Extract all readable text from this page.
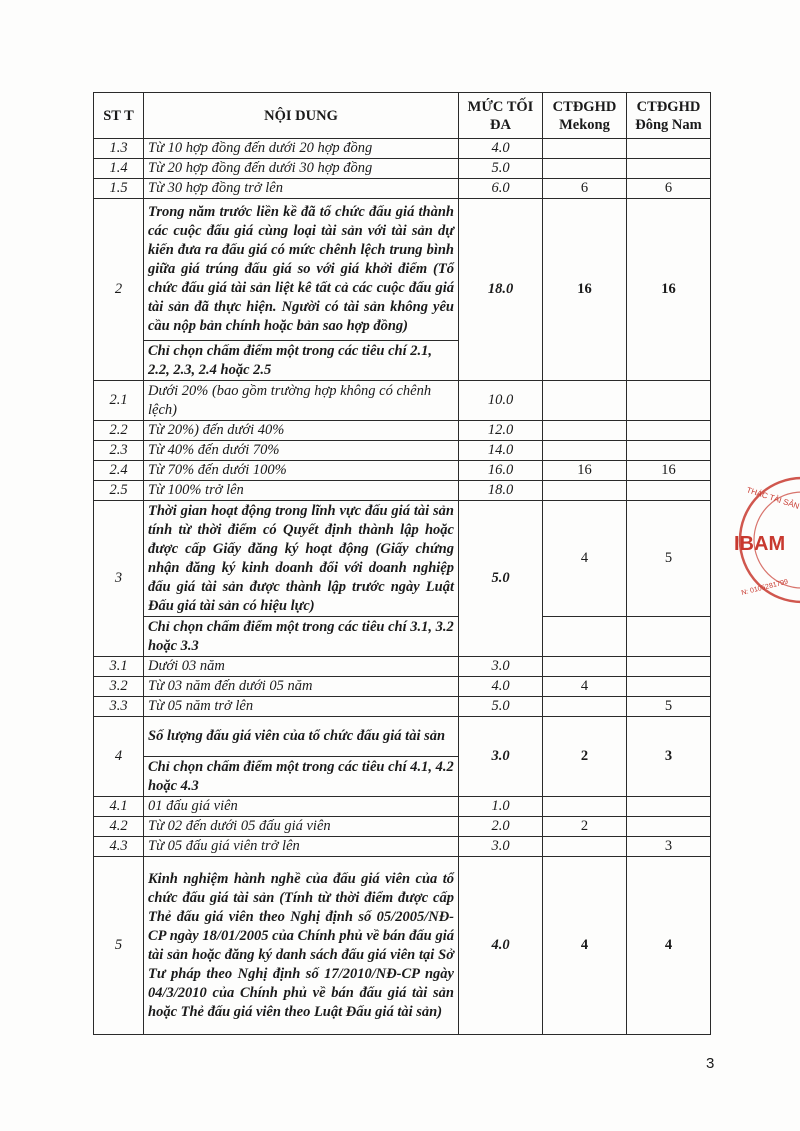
ST T	NỘI DUNG	MỨC TỐI ĐA	CTĐGHD Mekong	CTĐGHD Đông Nam
1.3	Từ 10 hợp đồng đến dưới 20 hợp đồng	4.0		
1.4	Từ 20 hợp đồng đến dưới 30 hợp đồng	5.0		
1.5	Từ 30 hợp đồng trở lên	6.0	6	6
2	Trong năm trước liền kề đã tổ chức đấu giá thành các cuộc đấu giá cùng loại tài sản với tài sản dự kiến đưa ra đấu giá có mức chênh lệch trung bình giữa giá trúng đấu giá so với giá khởi điểm (Tổ chức đấu giá tài sản liệt kê tất cả các cuộc đấu giá tài sản đã thực hiện. Người có tài sản không yêu cầu nộp bản chính hoặc bản sao hợp đồng)	18.0	16	16
	Chỉ chọn chấm điểm một trong các tiêu chí 2.1, 2.2, 2.3, 2.4 hoặc 2.5			
2.1	Dưới 20% (bao gồm trường hợp không có chênh lệch)	10.0		
2.2	Từ 20%) đến dưới 40%	12.0		
2.3	Từ 40% đến dưới 70%	14.0		
2.4	Từ 70% đến dưới 100%	16.0	16	16
2.5	Từ 100% trở lên	18.0		
3	Thời gian hoạt động trong lĩnh vực đấu giá tài sản tính từ thời điểm có Quyết định thành lập hoặc được cấp Giấy đăng ký hoạt động (Giấy chứng nhận đăng ký kinh doanh đổi với doanh nghiệp đấu giá tài sản được thành lập trước ngày Luật Đấu giá tài sản có hiệu lực)	5.0	4	5
	Chỉ chọn chấm điểm một trong các tiêu chí 3.1, 3.2 hoặc 3.3			
3.1	Dưới 03 năm	3.0		
3.2	Từ 03 năm đến dưới 05 năm	4.0	4	
3.3	Từ 05 năm trở lên	5.0		5
4	Số lượng đấu giá viên của tổ chức đấu giá tài sản	3.0	2	3
	Chỉ chọn chấm điểm một trong các tiêu chí 4.1, 4.2 hoặc 4.3			
4.1	01 đấu giá viên	1.0		
4.2	Từ 02 đến dưới 05 đấu giá viên	2.0	2	
4.3	Từ 05 đấu giá viên trở lên	3.0		3
5	Kinh nghiệm hành nghề của đấu giá viên của tổ chức đấu giá tài sản (Tính từ thời điểm được cấp Thẻ đấu giá viên theo Nghị định số 05/2005/NĐ-CP ngày 18/01/2005 của Chính phủ về bán đấu giá tài sản hoặc đăng ký danh sách đấu giá viên tại Sở Tư pháp theo Nghị định số 17/2010/NĐ-CP ngày 04/3/2010 của Chính phủ về bán đấu giá tài sản hoặc Thẻ đấu giá viên theo Luật Đấu giá tài sản)	4.0	4	4
THÁC TÀI SẢN
IBAM
N: 0105281799
3
